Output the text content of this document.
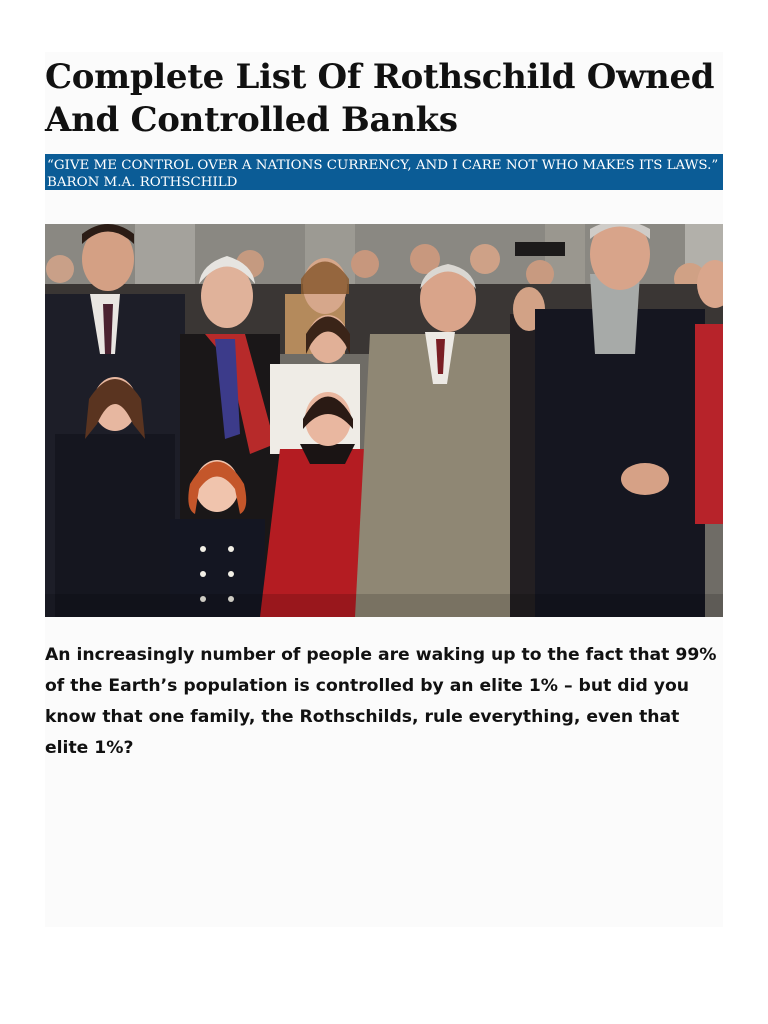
Complete List Of Rothschild Owned And Controlled Banks
“GIVE ME CONTROL OVER A NATIONS CURRENCY, AND I CARE NOT WHO MAKES ITS LAWS.” BARON M.A. ROTHSCHILD

An increasingly number of people are waking up to the fact that 99% of the Earth’s population is controlled by an elite 1% – but did you know that one family, the Rothschilds, rule everything, even that elite 1%?
